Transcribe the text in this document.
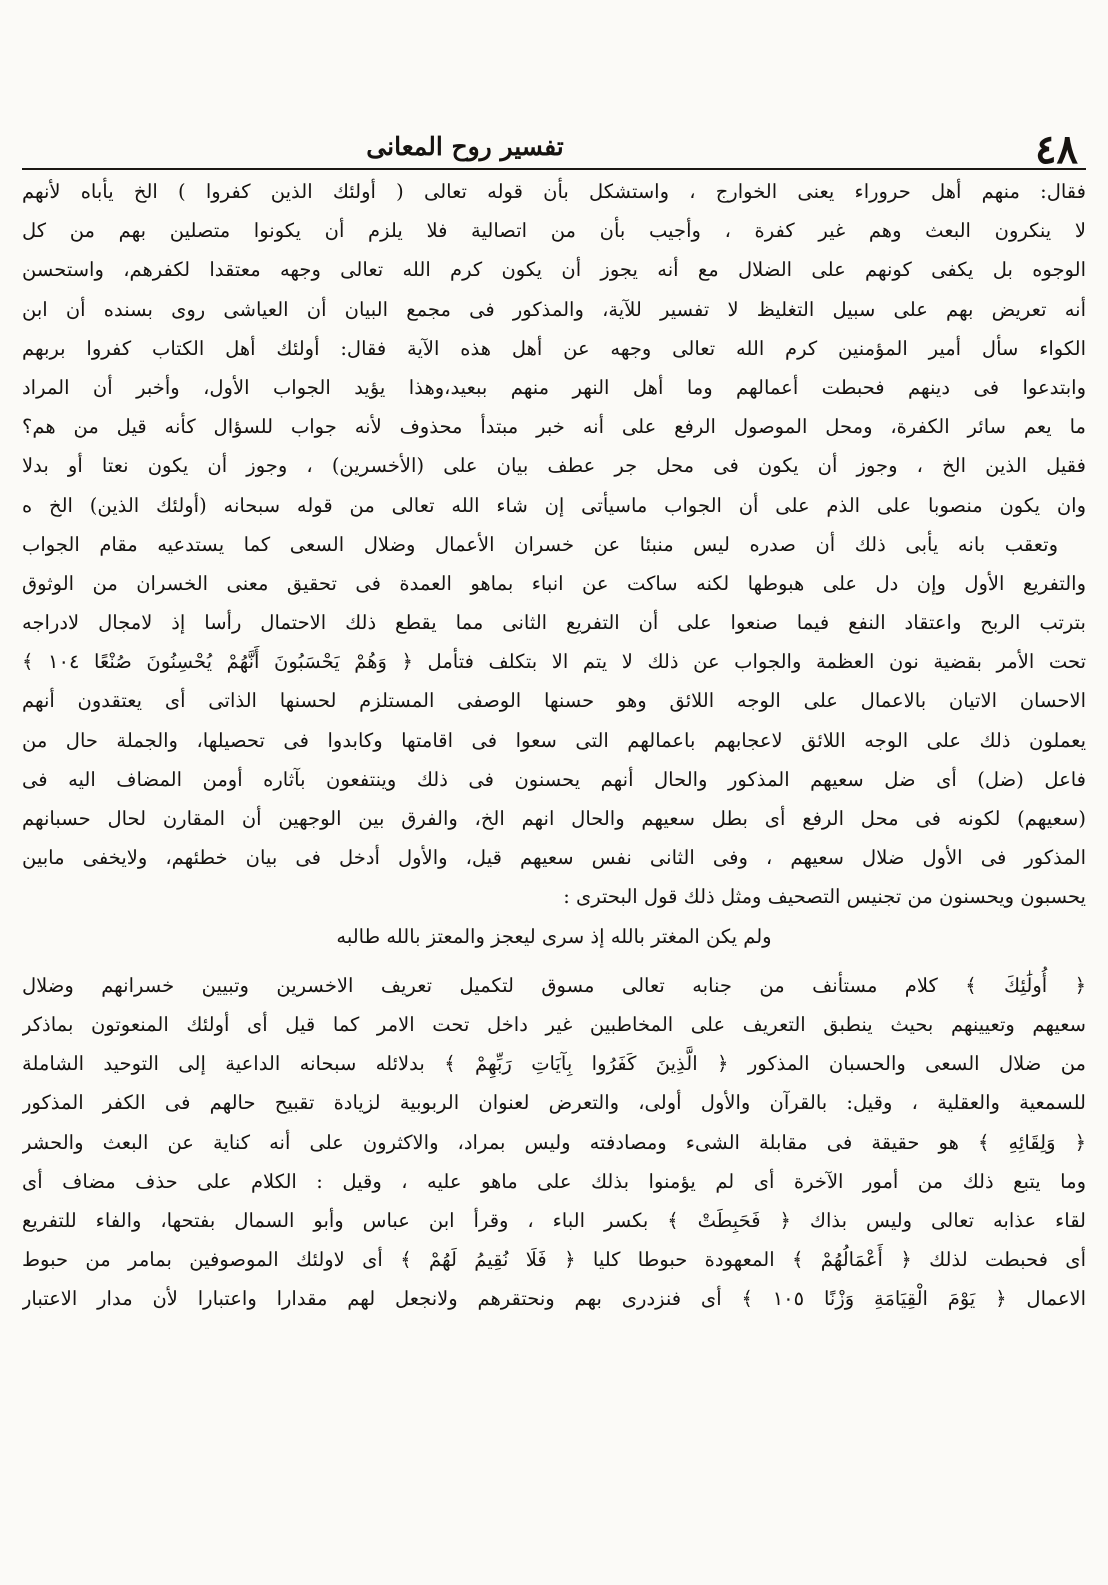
٤٨
تفسير روح المعانى
فقال: منهم أهل حروراء يعنى الخوارج ، واستشكل بأن قوله تعالى ( أولئك الذين كفروا ) الخ يأباه لأنهم
لا ينكرون البعث وهم غير كفرة ، وأجيب بأن من اتصالية فلا يلزم أن يكونوا متصلين بهم من كل
الوجوه بل يكفى كونهم على الضلال مع أنه يجوز أن يكون كرم الله تعالى وجهه معتقدا لكفرهم، واستحسن
أنه تعريض بهم على سبيل التغليظ لا تفسير للآية، والمذكور فى مجمع البيان أن العياشى روى بسنده أن ابن
الكواء سأل أمير المؤمنين كرم الله تعالى وجهه عن أهل هذه الآية فقال: أولئك أهل الكتاب كفروا بربهم
وابتدعوا فى دينهم فحبطت أعمالهم وما أهل النهر منهم ببعيد،وهذا يؤيد الجواب الأول، وأخبر أن المراد
ما يعم سائر الكفرة، ومحل الموصول الرفع على أنه خبر مبتدأ محذوف لأنه جواب للسؤال كأنه قيل من هم؟
فقيل الذين الخ ، وجوز أن يكون فى محل جر عطف بيان على (الأخسرين) ، وجوز أن يكون نعتا أو بدلا
وان يكون منصوبا على الذم على أن الجواب ماسيأتى إن شاء الله تعالى من قوله سبحانه (أولئك الذين) الخ ه
وتعقب بانه يأبى ذلك أن صدره ليس منبئا عن خسران الأعمال وضلال السعى كما يستدعيه مقام الجواب
والتفريع الأول وإن دل على هبوطها لكنه ساكت عن انباء بماهو العمدة فى تحقيق معنى الخسران من الوثوق
بترتب الربح واعتقاد النفع فيما صنعوا على أن التفريع الثانى مما يقطع ذلك الاحتمال رأسا إذ لامجال لادراجه
تحت الأمر بقضية نون العظمة والجواب عن ذلك لا يتم الا بتكلف فتأمل ﴿ وَهُمْ يَحْسَبُونَ أَنَّهُمْ يُحْسِنُونَ صُنْعًا ١٠٤ ﴾
الاحسان الاتيان بالاعمال على الوجه اللائق وهو حسنها الوصفى المستلزم لحسنها الذاتى أى يعتقدون أنهم
يعملون ذلك على الوجه اللائق لاعجابهم باعمالهم التى سعوا فى اقامتها وكابدوا فى تحصيلها، والجملة حال من
فاعل (ضل) أى ضل سعيهم المذكور والحال أنهم يحسنون فى ذلك وينتفعون بآثاره أومن المضاف اليه فى
(سعيهم) لكونه فى محل الرفع أى بطل سعيهم والحال انهم الخ، والفرق بين الوجهين أن المقارن لحال حسبانهم
المذكور فى الأول ضلال سعيهم ، وفى الثانى نفس سعيهم قيل، والأول أدخل فى بيان خطئهم، ولايخفى مابين
يحسبون ويحسنون من تجنيس التصحيف ومثل ذلك قول البحترى :
ولم يكن المغتر بالله إذ سرى ليعجز والمعتز بالله طالبه
﴿ أُولَٰئِكَ ﴾ كلام مستأنف من جنابه تعالى مسوق لتكميل تعريف الاخسرين وتبيين خسرانهم وضلال
سعيهم وتعيينهم بحيث ينطبق التعريف على المخاطبين غير داخل تحت الامر كما قيل أى أولئك المنعوتون بماذكر
من ضلال السعى والحسبان المذكور ﴿ الَّذِينَ كَفَرُوا بِآيَاتِ رَبِّهِمْ ﴾ بدلائله سبحانه الداعية إلى التوحيد الشاملة
للسمعية والعقلية ، وقيل: بالقرآن والأول أولى، والتعرض لعنوان الربوبية لزيادة تقبيح حالهم فى الكفر المذكور
﴿ وَلِقَائِهِ ﴾ هو حقيقة فى مقابلة الشىء ومصادفته وليس بمراد، والاكثرون على أنه كناية عن البعث والحشر
وما يتبع ذلك من أمور الآخرة أى لم يؤمنوا بذلك على ماهو عليه ، وقيل : الكلام على حذف مضاف أى
لقاء عذابه تعالى وليس بذاك ﴿ فَحَبِطَتْ ﴾ بكسر الباء ، وقرأ ابن عباس وأبو السمال بفتحها، والفاء للتفريع
أى فحبطت لذلك ﴿ أَعْمَالُهُمْ ﴾ المعهودة حبوطا كليا ﴿ فَلَا نُقِيمُ لَهُمْ ﴾ أى لاولئك الموصوفين بمامر من حبوط
الاعمال ﴿ يَوْمَ الْقِيَامَةِ وَزْنًا ١٠٥ ﴾ أى فنزدرى بهم ونحتقرهم ولانجعل لهم مقدارا واعتبارا لأن مدار الاعتبار
